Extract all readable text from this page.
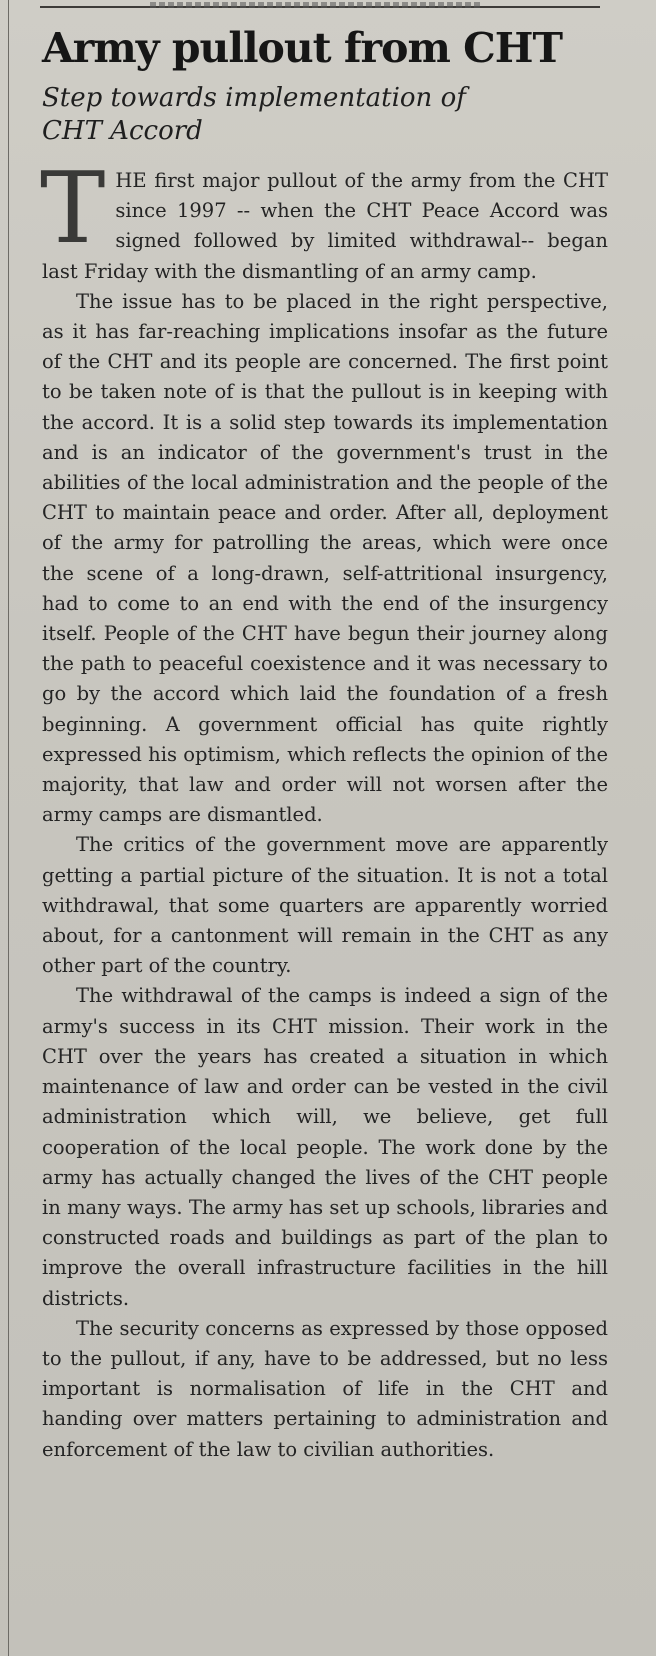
Army pullout from CHT
Step towards implementation of CHT Accord

THE first major pullout of the army from the CHT since 1997 -- when the CHT Peace Accord was signed followed by limited withdrawal-- began last Friday with the dismantling of an army camp.

The issue has to be placed in the right perspective, as it has far-reaching implications insofar as the future of the CHT and its people are concerned. The first point to be taken note of is that the pullout is in keeping with the accord. It is a solid step towards its implementation and is an indicator of the government's trust in the abilities of the local administration and the people of the CHT to maintain peace and order. After all, deployment of the army for patrolling the areas, which were once the scene of a long-drawn, self-attritional insurgency, had to come to an end with the end of the insurgency itself. People of the CHT have begun their journey along the path to peaceful coexistence and it was necessary to go by the accord which laid the foundation of a fresh beginning. A government official has quite rightly expressed his optimism, which reflects the opinion of the majority, that law and order will not worsen after the army camps are dismantled.

The critics of the government move are apparently getting a partial picture of the situation. It is not a total withdrawal, that some quarters are apparently worried about, for a cantonment will remain in the CHT as any other part of the country.

The withdrawal of the camps is indeed a sign of the army's success in its CHT mission. Their work in the CHT over the years has created a situation in which maintenance of law and order can be vested in the civil administration which will, we believe, get full cooperation of the local people. The work done by the army has actually changed the lives of the CHT people in many ways. The army has set up schools, libraries and constructed roads and buildings as part of the plan to improve the overall infrastructure facilities in the hill districts.

The security concerns as expressed by those opposed to the pullout, if any, have to be addressed, but no less important is normalisation of life in the CHT and handing over matters pertaining to administration and enforcement of the law to civilian authorities.
